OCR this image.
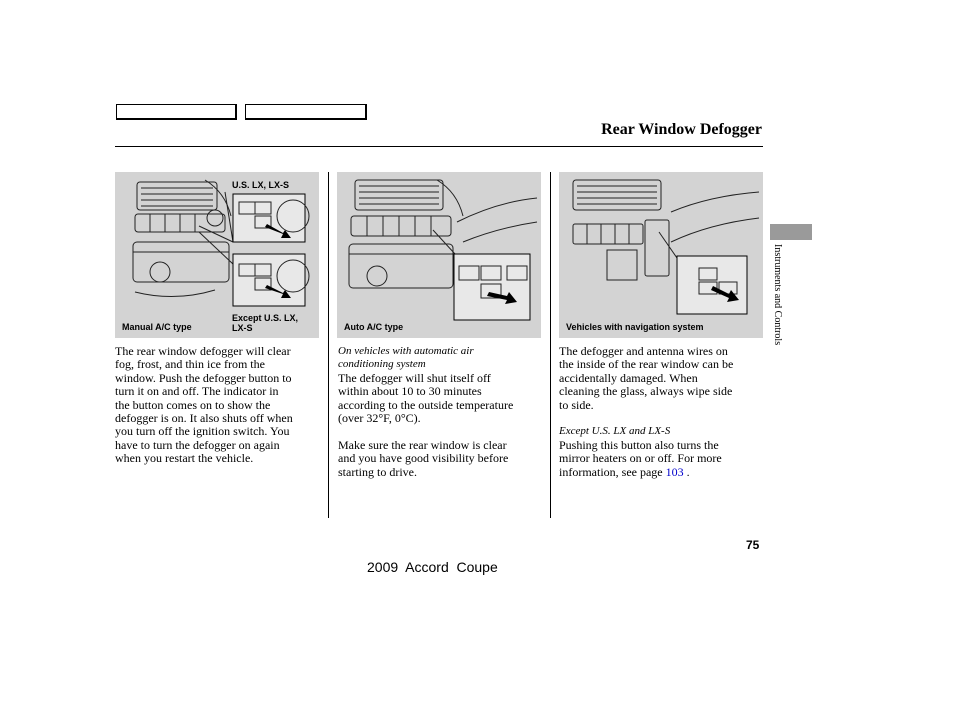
Rear Window Defogger
Instruments and Controls
U.S. LX, LX-S
Except U.S. LX,
LX-S
Manual A/C type	Auto A/C type	Vehicles with navigation system

The rear window defogger will clear

fog, frost, and thin ice from the

window. Push the defogger button to

turn it on and off. The indicator in

the button comes on to show the

defogger is on. It also shuts off when

you turn off the ignition switch. You

have to turn the defogger on again

when you restart the vehicle.

On vehicles with automatic air

conditioning system

The defogger will shut itself off

within about 10 to 30 minutes

according to the outside temperature

(over 32°F, 0°C).

Make sure the rear window is clear

and you have good visibility before

starting to drive.

The defogger and antenna wires on

the inside of the rear window can be

accidentally damaged. When

cleaning the glass, always wipe side

to side.

Except U.S. LX and LX-S

Pushing this button also turns the

mirror heaters on or off. For more

information, see page 103 .

75
2009  Accord  Coupe
